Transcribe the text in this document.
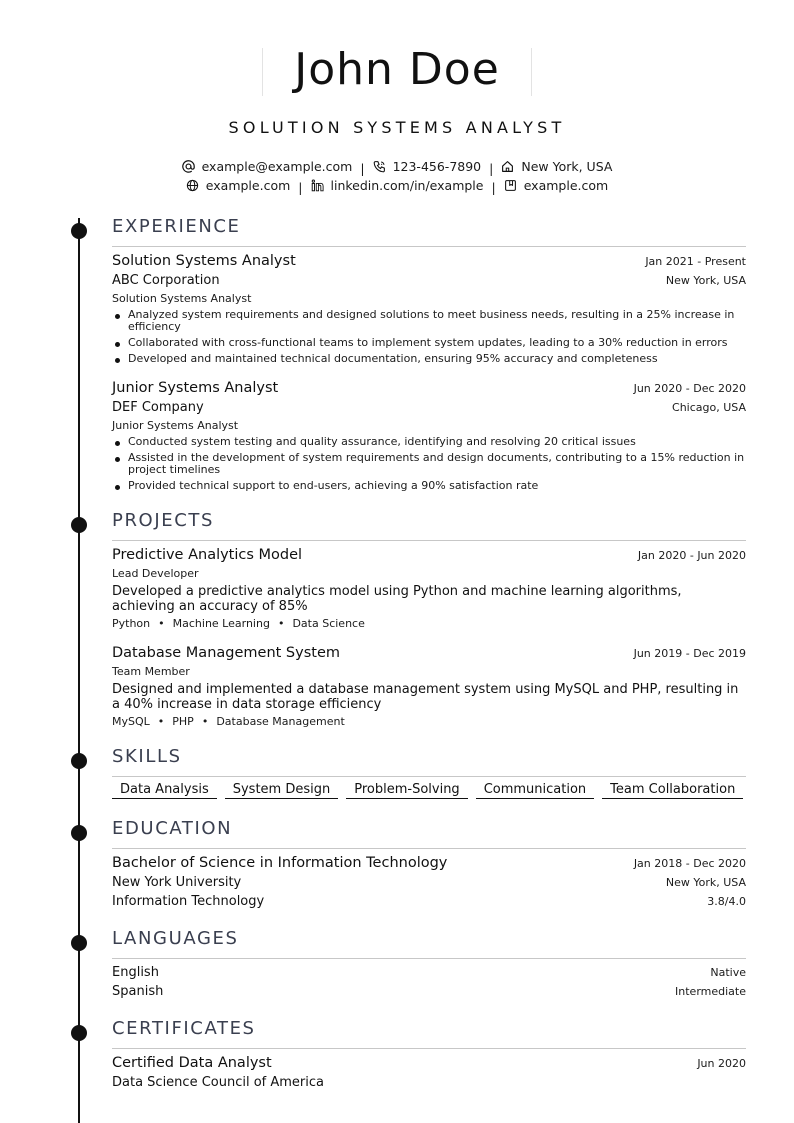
John Doe
SOLUTION SYSTEMS ANALYST
example@example.com | 123-456-7890 | New York, USA
example.com | linkedin.com/in/example | example.com
EXPERIENCE
Solution Systems Analyst	Jan 2021 - Present
ABC Corporation	New York, USA
Solution Systems Analyst
Analyzed system requirements and designed solutions to meet business needs, resulting in a 25% increase in efficiency
Collaborated with cross-functional teams to implement system updates, leading to a 30% reduction in errors
Developed and maintained technical documentation, ensuring 95% accuracy and completeness
Junior Systems Analyst	Jun 2020 - Dec 2020
DEF Company	Chicago, USA
Junior Systems Analyst
Conducted system testing and quality assurance, identifying and resolving 20 critical issues
Assisted in the development of system requirements and design documents, contributing to a 15% reduction in project timelines
Provided technical support to end-users, achieving a 90% satisfaction rate
PROJECTS
Predictive Analytics Model	Jan 2020 - Jun 2020
Lead Developer
Developed a predictive analytics model using Python and machine learning algorithms, achieving an accuracy of 85%
Python • Machine Learning • Data Science
Database Management System	Jun 2019 - Dec 2019
Team Member
Designed and implemented a database management system using MySQL and PHP, resulting in a 40% increase in data storage efficiency
MySQL • PHP • Database Management
SKILLS
Data Analysis	System Design	Problem-Solving	Communication	Team Collaboration
EDUCATION
Bachelor of Science in Information Technology	Jan 2018 - Dec 2020
New York University	New York, USA
Information Technology	3.8/4.0
LANGUAGES
English	Native
Spanish	Intermediate
CERTIFICATES
Certified Data Analyst	Jun 2020
Data Science Council of America
